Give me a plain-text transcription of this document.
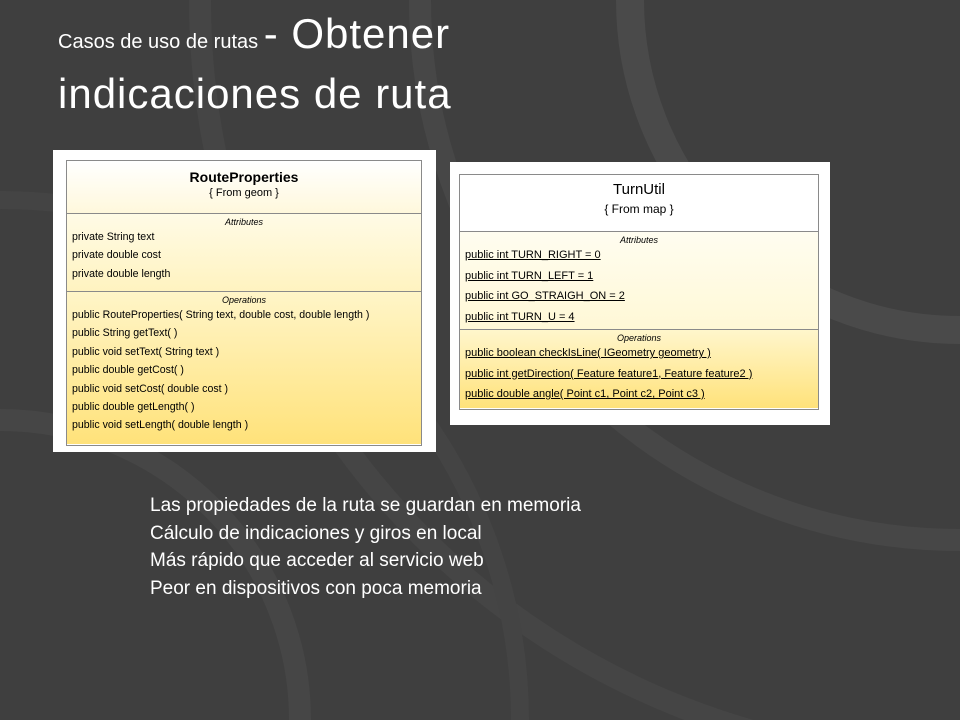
Casos de uso de rutas - Obtener
indicaciones de ruta
RouteProperties
{ From geom }
Attributes
private String text
private double cost
private double length
Operations
public RouteProperties( String text, double cost, double length )
public String getText( )
public void setText( String text )
public double getCost( )
public void setCost( double cost )
public double getLength( )
public void setLength( double length )
TurnUtil
{ From map }
Attributes
public int TURN_RIGHT = 0
public int TURN_LEFT = 1
public int GO_STRAIGH_ON = 2
public int TURN_U = 4
Operations
public boolean checkIsLine( IGeometry geometry )
public int getDirection( Feature feature1, Feature feature2 )
public double angle( Point c1, Point c2, Point c3 )
Las propiedades de la ruta se guardan en memoria
Cálculo de indicaciones y giros en local
Más rápido que acceder al servicio web
Peor en dispositivos con poca memoria
